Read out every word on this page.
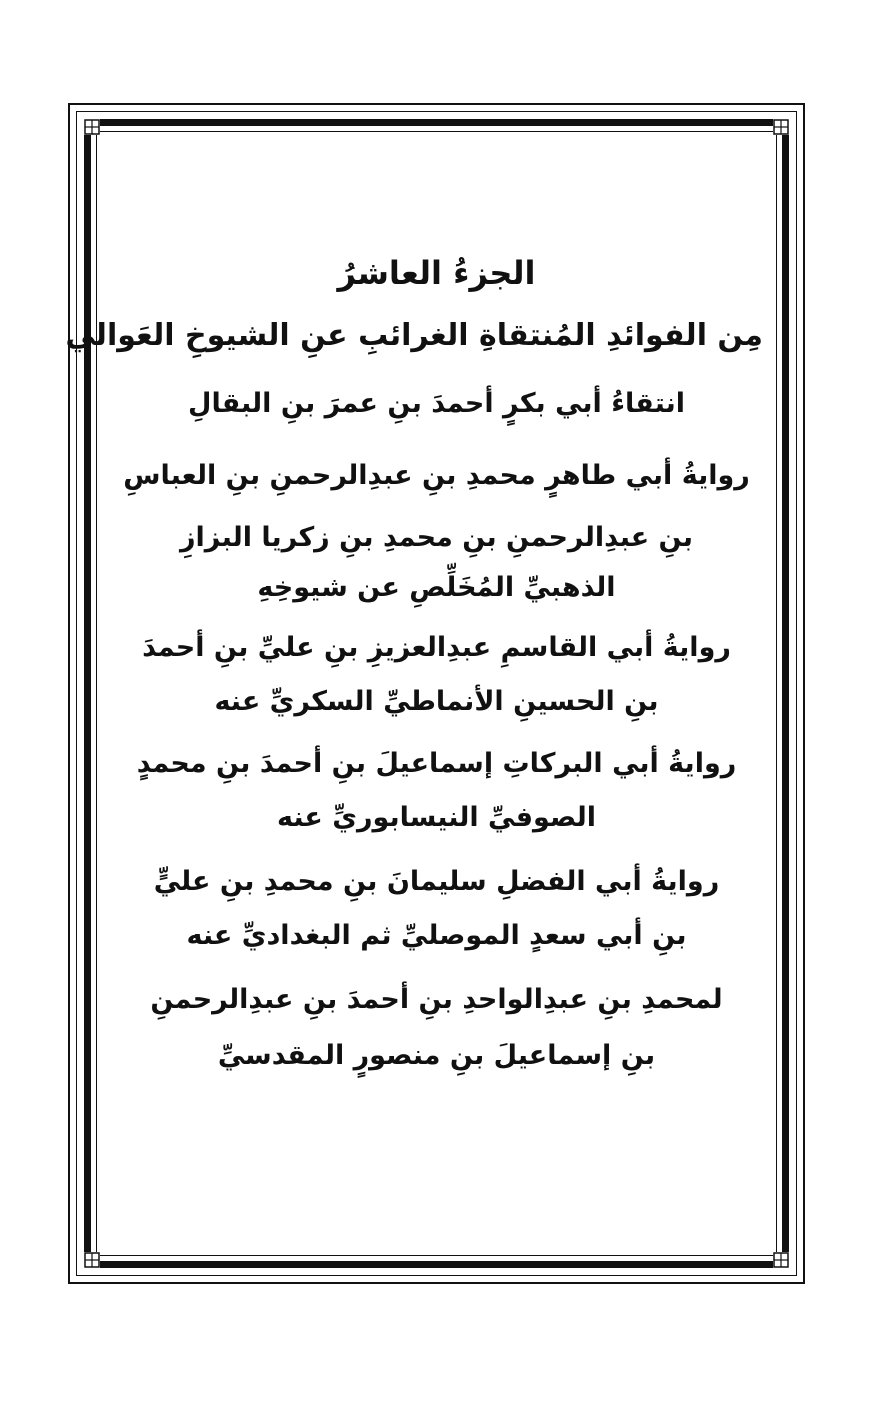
الجزءُ العاشرُ

مِن الفوائدِ المُنتقاةِ الغرائبِ عنِ الشيوخِ العَوالي

انتقاءُ أبي بكرٍ أحمدَ بنِ عمرَ بنِ البقالِ

روايةُ أبي طاهرٍ محمدِ بنِ عبدِالرحمنِ بنِ العباسِ

بنِ عبدِالرحمنِ بنِ محمدِ بنِ زكريا البزازِ

الذهبيِّ المُخَلِّصِ عن شيوخِهِ

روايةُ أبي القاسمِ عبدِالعزيزِ بنِ عليِّ بنِ أحمدَ

بنِ الحسينِ الأنماطيِّ السكريِّ عنه

روايةُ أبي البركاتِ إسماعيلَ بنِ أحمدَ بنِ محمدٍ

الصوفيِّ النيسابوريِّ عنه

روايةُ أبي الفضلِ سليمانَ بنِ محمدِ بنِ عليٍّ

بنِ أبي سعدٍ الموصليِّ ثم البغداديِّ عنه

لمحمدِ بنِ عبدِالواحدِ بنِ أحمدَ بنِ عبدِالرحمنِ

بنِ إسماعيلَ بنِ منصورٍ المقدسيِّ
